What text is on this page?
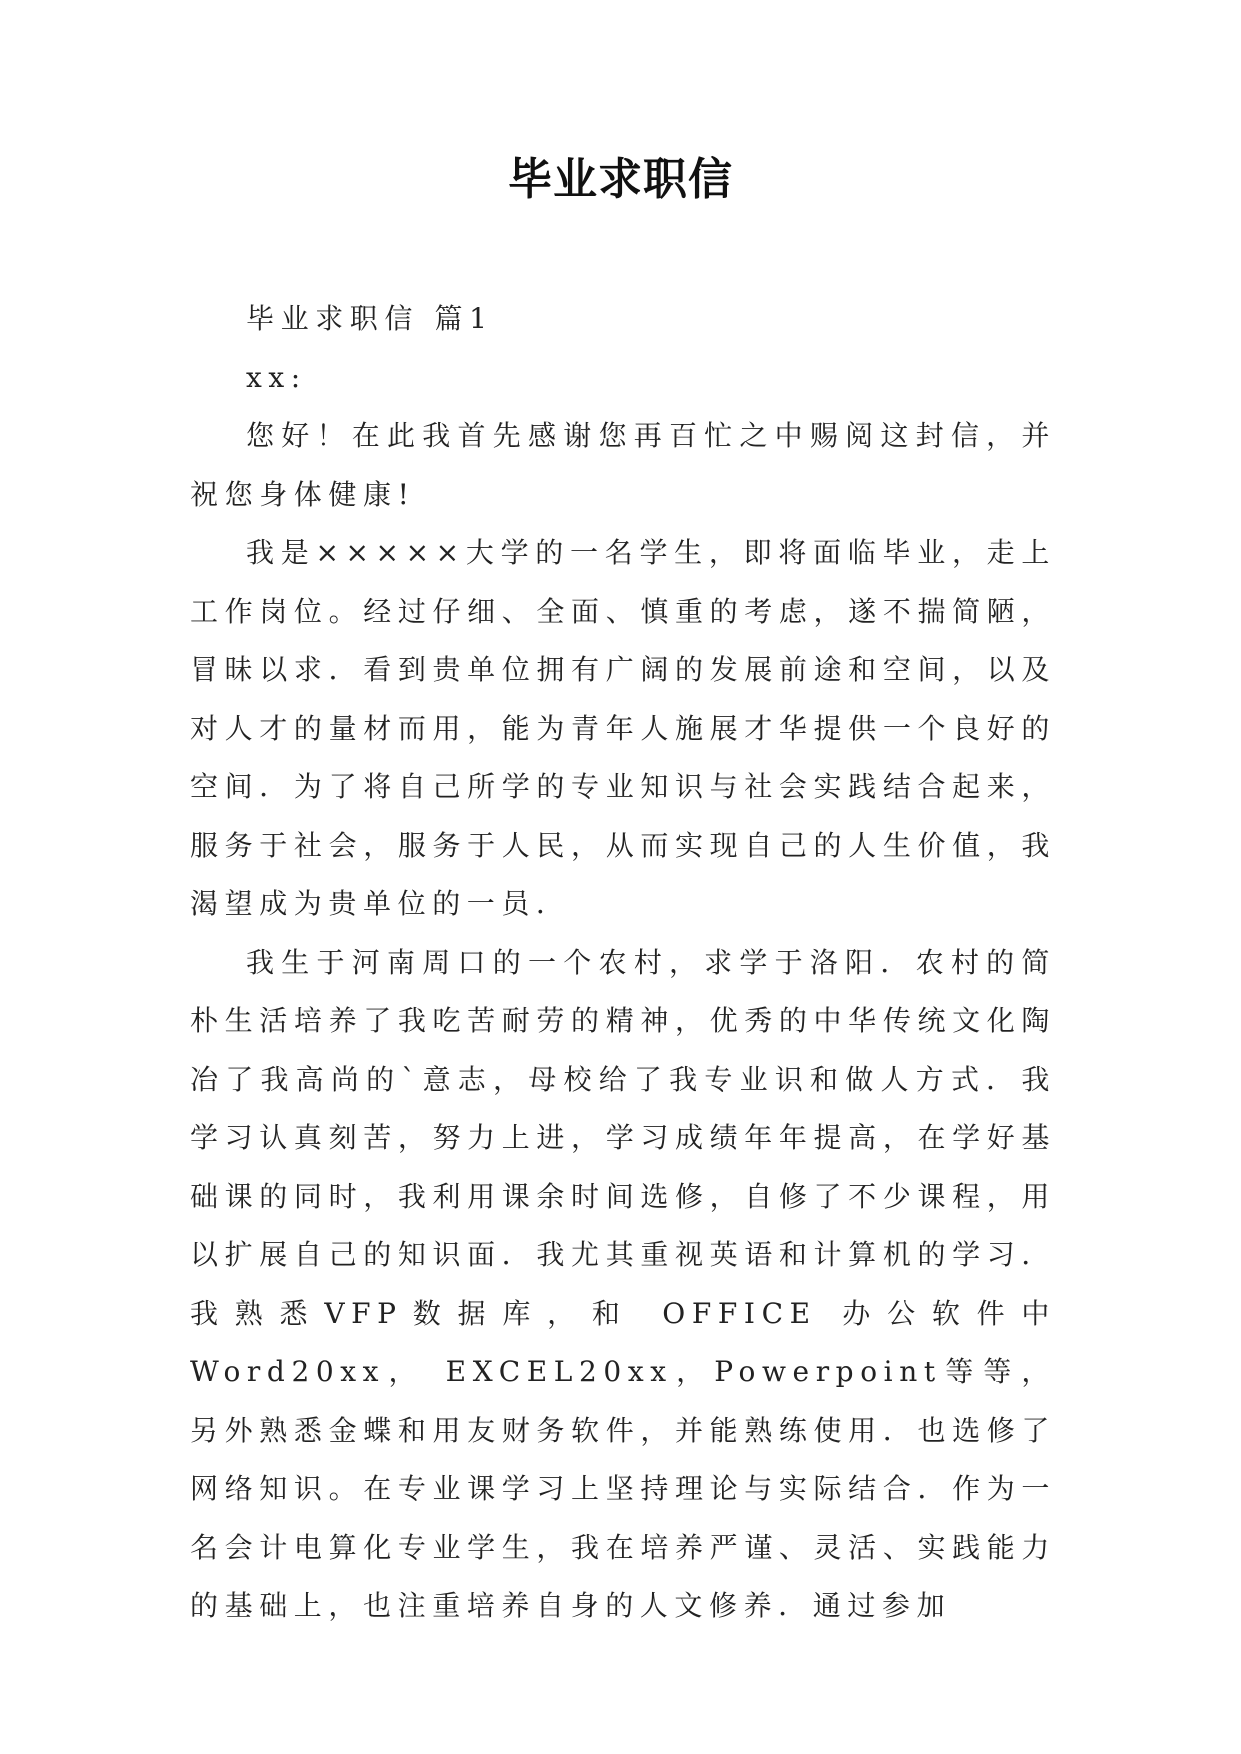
毕业求职信

毕业求职信 篇1

xx:

您好！在此我首先感谢您再百忙之中赐阅这封信，并祝您身体健康!

我是×××××大学的一名学生，即将面临毕业，走上工作岗位。经过仔细、全面、慎重的考虑，遂不揣简陋，冒昧以求．看到贵单位拥有广阔的发展前途和空间，以及对人才的量材而用，能为青年人施展才华提供一个良好的空间．为了将自己所学的专业知识与社会实践结合起来，服务于社会，服务于人民，从而实现自己的人生价值，我渴望成为贵单位的一员．

我生于河南周口的一个农村，求学于洛阳．农村的简朴生活培养了我吃苦耐劳的精神，优秀的中华传统文化陶冶了我高尚的`意志，母校给了我专业识和做人方式．我学习认真刻苦，努力上进，学习成绩年年提高，在学好基础课的同时，我利用课余时间选修，自修了不少课程，用以扩展自己的知识面．我尤其重视英语和计算机的学习．我熟悉VFP数据库，和 OFFICE 办公软件中 Word20xx， EXCEL20xx，Powerpoint等等，另外熟悉金蝶和用友财务软件，并能熟练使用．也选修了网络知识。在专业课学习上坚持理论与实际结合．作为一名会计电算化专业学生，我在培养严谨、灵活、实践能力的基础上，也注重培养自身的人文修养．通过参加
